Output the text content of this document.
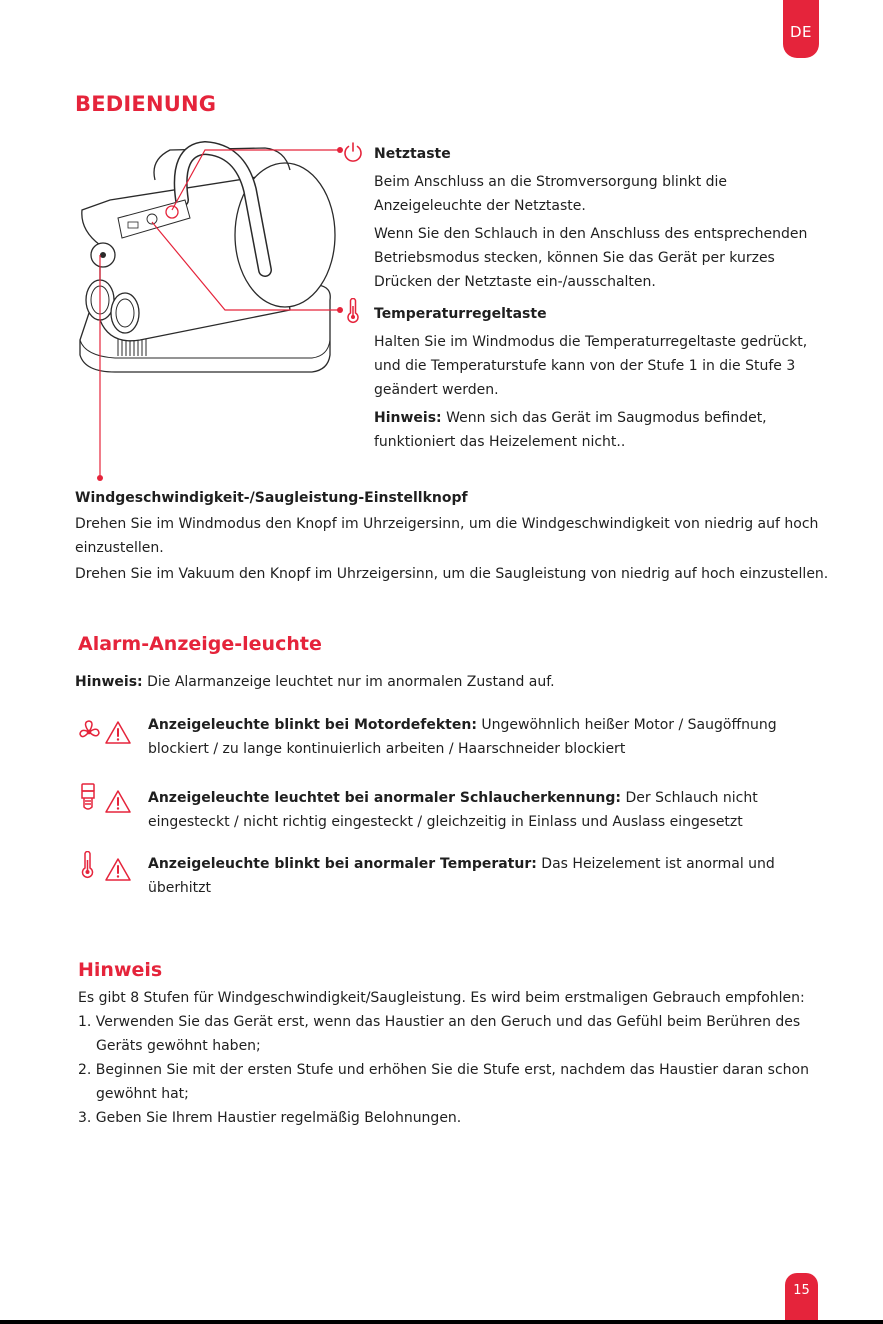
DE
BEDIENUNG

Netztaste

Beim Anschluss an die Stromversorgung blinkt die Anzeigeleuchte der Netztaste.

Wenn Sie den Schlauch in den Anschluss des entsprechenden Betriebsmodus stecken, können Sie das Gerät per kurzes Drücken der Netztaste ein-/ausschalten.

Temperaturregeltaste

Halten Sie im Windmodus die Temperaturregeltaste gedrückt, und die Temperaturstufe kann von der Stufe 1 in die Stufe 3 geändert werden.

Hinweis: Wenn sich das Gerät im Saugmodus befindet, funktioniert das Heizelement nicht..

Windgeschwindigkeit-/Saugleistung-Einstellknopf

Drehen Sie im Windmodus den Knopf im Uhrzeigersinn, um die Windgeschwindigkeit von niedrig auf hoch einzustellen.

Drehen Sie im Vakuum den Knopf im Uhrzeigersinn, um die Saugleistung von niedrig auf hoch einzustellen.

Alarm-Anzeige-leuchte

Hinweis: Die Alarmanzeige leuchtet nur im anormalen Zustand auf.

Anzeigeleuchte blinkt bei Motordefekten: Ungewöhnlich heißer Motor / Saugöffnung blockiert / zu lange kontinuierlich arbeiten / Haarschneider blockiert
Anzeigeleuchte leuchtet bei anormaler Schlaucherkennung: Der Schlauch nicht eingesteckt / nicht richtig eingesteckt / gleichzeitig in Einlass und Auslass eingesetzt
Anzeigeleuchte blinkt bei anormaler Temperatur: Das Heizelement ist anormal und überhitzt
Hinweis

Es gibt 8 Stufen für Windgeschwindigkeit/Saugleistung. Es wird beim erstmaligen Gebrauch empfohlen:

1. Verwenden Sie das Gerät erst, wenn das Haustier an den Geruch und das Gefühl beim Berühren des Geräts gewöhnt haben;
2. Beginnen Sie mit der ersten Stufe und erhöhen Sie die Stufe erst, nachdem das Haustier daran schon gewöhnt hat;
3. Geben Sie Ihrem Haustier regelmäßig Belohnungen.
15
